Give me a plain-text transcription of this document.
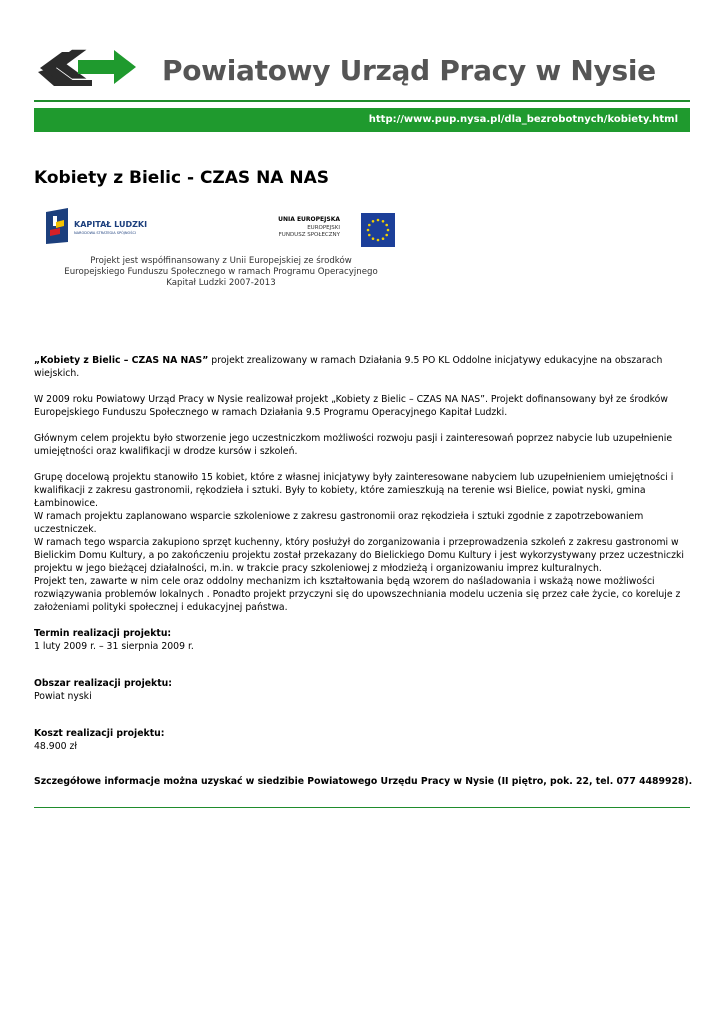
Powiatowy Urząd Pracy w Nysie
http://www.pup.nysa.pl/dla_bezrobotnych/kobiety.html
Kobiety z Bielic - CZAS NA NAS
KAPITAŁ LUDZKI
NARODOWA STRATEGIA SPÓJNOŚCI
UNIA EUROPEJSKA
EUROPEJSKI
FUNDUSZ SPOŁECZNY
Projekt jest współfinansowany z Unii Europejskiej ze środków
Europejskiego Funduszu Społecznego w ramach Programu Operacyjnego
Kapitał Ludzki 2007-2013

„Kobiety z Bielic – CZAS NA NAS” projekt zrealizowany w ramach Działania 9.5 PO KL Oddolne inicjatywy edukacyjne na obszarach wiejskich.

W 2009 roku Powiatowy Urząd Pracy w Nysie realizował projekt „Kobiety z Bielic – CZAS NA NAS”. Projekt dofinansowany był ze środków Europejskiego Funduszu Społecznego w ramach Działania 9.5 Programu Operacyjnego Kapitał Ludzki.

Głównym celem projektu było stworzenie jego uczestniczkom możliwości rozwoju pasji i zainteresowań poprzez nabycie lub uzupełnienie umiejętności oraz kwalifikacji w drodze kursów i szkoleń.

Grupę docelową projektu stanowiło 15 kobiet, które z własnej inicjatywy były zainteresowane nabyciem lub uzupełnieniem umiejętności i kwalifikacji z zakresu gastronomii, rękodzieła i sztuki. Były to kobiety, które zamieszkują na terenie wsi Bielice, powiat nyski, gmina Łambinowice.

W ramach projektu zaplanowano wsparcie szkoleniowe z zakresu gastronomii oraz rękodzieła i sztuki zgodnie z zapotrzebowaniem uczestniczek.

W ramach tego wsparcia zakupiono sprzęt kuchenny, który posłużył do zorganizowania i przeprowadzenia szkoleń z zakresu gastronomi w Bielickim Domu Kultury, a po zakończeniu projektu został przekazany do Bielickiego Domu Kultury i jest wykorzystywany przez uczestniczki projektu w jego bieżącej działalności, m.in. w trakcie pracy szkoleniowej z młodzieżą i organizowaniu imprez kulturalnych.

Projekt ten, zawarte w nim cele oraz oddolny mechanizm ich kształtowania będą wzorem do naśladowania i wskażą nowe możliwości rozwiązywania problemów lokalnych . Ponadto projekt przyczyni się do upowszechniania modelu uczenia się przez całe życie, co koreluje z założeniami polityki społecznej i edukacyjnej państwa.

Termin realizacji projektu:
1 luty 2009 r. – 31 sierpnia 2009 r.
Obszar realizacji projektu:
Powiat nyski
Koszt realizacji projektu:
48.900 zł

Szczegółowe informacje można uzyskać w siedzibie Powiatowego Urzędu Pracy w Nysie (II piętro, pok. 22, tel. 077 4489928).
